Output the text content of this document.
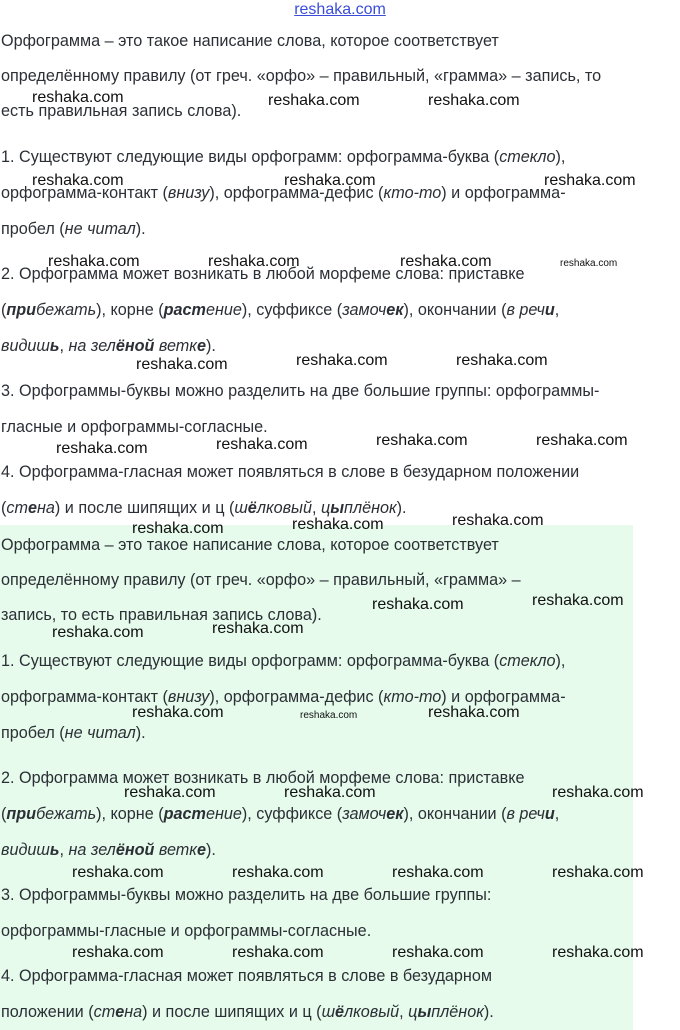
reshaka.com
Орфограмма – это такое написание слова, которое соответствует
определённому правилу (от греч. «орфо» – правильный, «грамма» – запись, то
есть правильная запись слова).
1. Существуют следующие виды орфограмм: орфограмма-буква (стекло),
орфограмма-контакт (внизу), орфограмма-дефис (кто-то) и орфограмма-
пробел (не читал).
2. Орфограмма может возникать в любой морфеме слова: приставке
(прибежать), корне (растение), суффиксе (замочек), окончании (в речи,
видишь, на зелёной ветке).
3. Орфограммы-буквы можно разделить на две большие группы: орфограммы-
гласные и орфограммы-согласные.
4. Орфограмма-гласная может появляться в слове в безударном положении
(стена) и после шипящих и ц (шёлковый, цыплёнок).
Орфограмма – это такое написание слова, которое соответствует
определённому правилу (от греч. «орфо» – правильный, «грамма» –
запись, то есть правильная запись слова).
1. Существуют следующие виды орфограмм: орфограмма-буква (стекло),
орфограмма-контакт (внизу), орфограмма-дефис (кто-то) и орфограмма-
пробел (не читал).
2. Орфограмма может возникать в любой морфеме слова: приставке
(прибежать), корне (растение), суффиксе (замочек), окончании (в речи,
видишь, на зелёной ветке).
3. Орфограммы-буквы можно разделить на две большие группы:
орфограммы-гласные и орфограммы-согласные.
4. Орфограмма-гласная может появляться в слове в безударном
положении (стена) и после шипящих и ц (шёлковый, цыплёнок).
reshaka.com	reshaka.com	reshaka.com
reshaka.com	reshaka.com	reshaka.com
reshaka.com	reshaka.com	reshaka.com	reshaka.com
reshaka.com	reshaka.com	reshaka.com
reshaka.com	reshaka.com	reshaka.com	reshaka.com
reshaka.com	reshaka.com	reshaka.com
reshaka.com	reshaka.com
reshaka.com	reshaka.com
reshaka.com	reshaka.com	reshaka.com
reshaka.com	reshaka.com	reshaka.com
reshaka.com	reshaka.com	reshaka.com	reshaka.com
reshaka.com	reshaka.com	reshaka.com	reshaka.com
